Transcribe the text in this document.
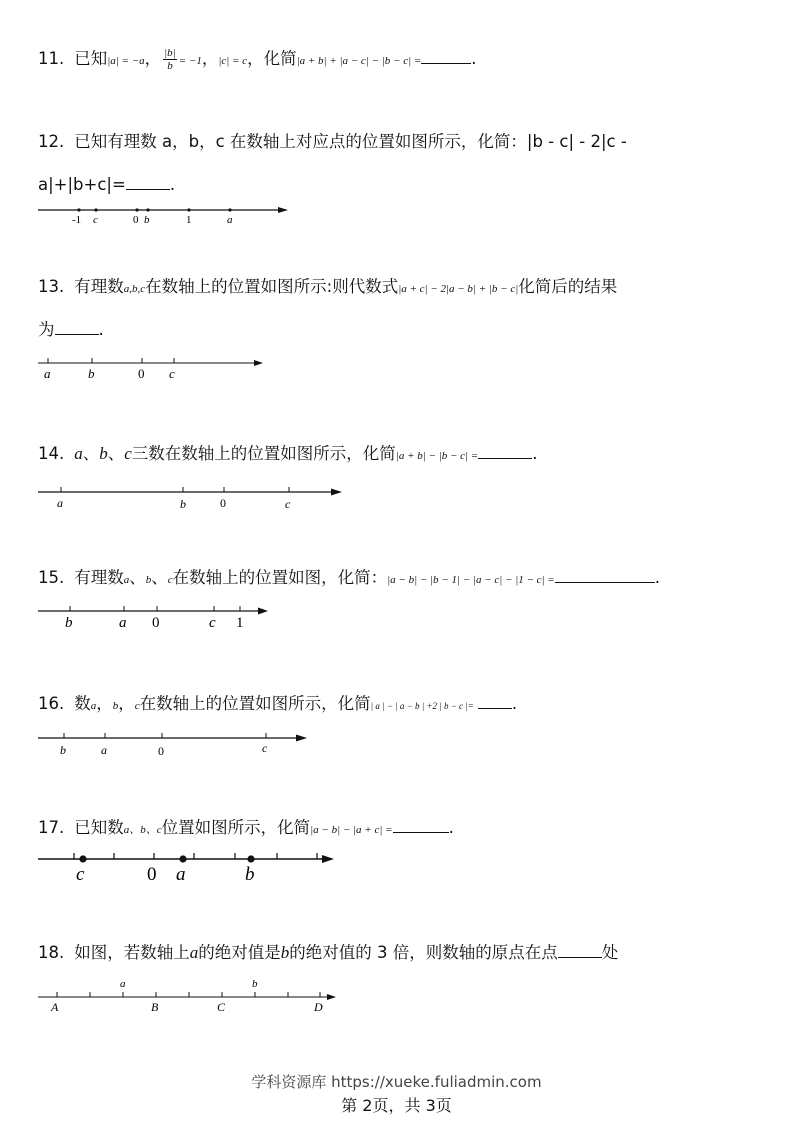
11. 已知|a| = −a， $\frac{|b|}{b} = -1$，|c| = c，化简|a + b| + |a − c| − |b − c| =	.
12. 已知有理数 a，b，c 在数轴上对应点的位置如图所示，化简：|b - c| - 2|c -
a|+|b+c|=	.
-1 c	0 b	1	a
13. 有理数a,b,c在数轴上的位置如图所示:则代数式|a + c| − 2|a − b| + |b − c|化简后的结果
为	.
a	b	0 c
14. a、b、c三数在数轴上的位置如图所示，化简|a + b| − |b − c| =	.
a	b	0	c
15. 有理数a、b、c在数轴上的位置如图，化简：|a − b| − |b − 1| − |a − c| − |1 − c| =	.
b	a 0	c 1
16. 数a，b，c在数轴上的位置如图所示，化简| a | − | a − b | +2 | b − c |= .
b	a	0	c
17. 已知数a、b、c位置如图所示，化简|a − b| − |a + c| =	.
c	0 a	b
18. 如图，若数轴上a的绝对值是b的绝对值的 3 倍，则数轴的原点在点	处
a	b
A	B	C	D
学科资源库 https://xueke.fuliadmin.com
第 2页，共 3页
